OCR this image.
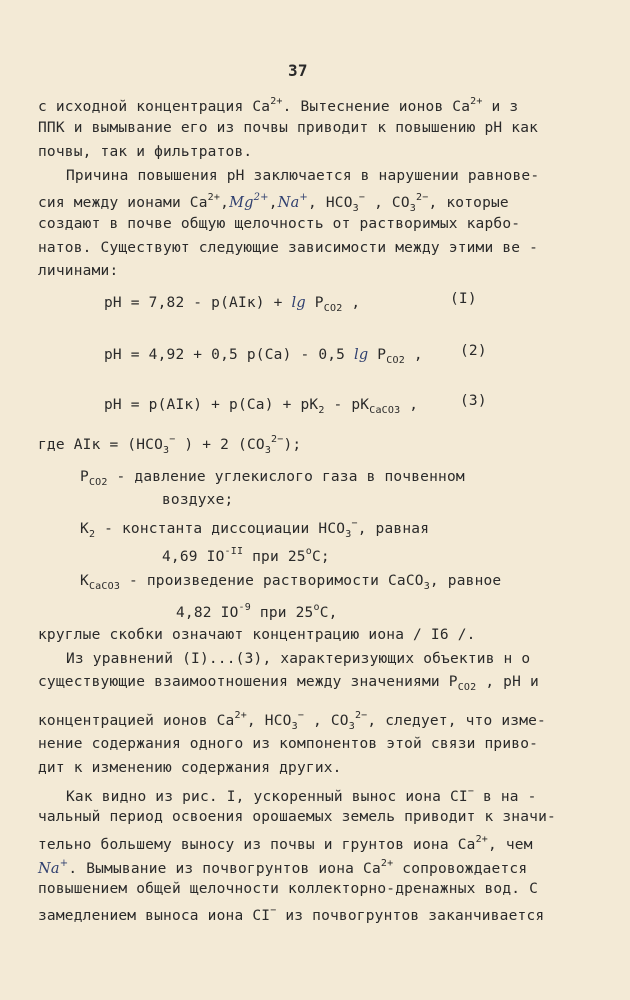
37
с исходной концентрация $Ca^{2+}$. Вытеснение ионов $Ca^{2+}$ и з
ППК и вымывание его из почвы приводит к повышению pH как
почвы, так и фильтратов.
Причина повышения pH заключается в нарушении равнове-
сия между ионами $Ca^{2+},Mg^{2+},Na^+$, $HCO_3^-$ , $CO_3^{2-}$, которые
создают в почве общую щелочность от растворимых карбо-
натов. Существуют следующие зависимости между этими ве -
личинами:
pH = $7,82 - p(AIк) + \lg P_{CO2}$ ,	(I)
pH = 4,92 + 0,5 p(Ca) - 0,5 $\lg P_{CO2}$ ,	(2)
pH = $p(AIк) + p(Ca) + pK_2 - pK_{CaCO3}$ ,	(3)
где AIк = ($HCO_3^-$ ) + 2 $(CO_3^{2-})$;
$P_{CO2}$ - давление углекислого газа в почвенном
воздухе;
$K_2$ - константа диссоциации $HCO_3^-$, равная
4,69 $IO^{-II}$ при 25$^o$C;
$K_{CaCO3}$ - произведение растворимости CaCO$_3$, равное
4,82 $IO^{-9}$ при 25$^o$C,
круглые скобки означают концентрацию иона / I6 /.
Из уравнений (I)...(3), характеризующих объектив н о
существующие взаимоотношения между значениями $P_{CO2}$ , pH и
концентрацией ионов $Ca^{2+}$, $HCO_3^-$ , $CO_3^{2-}$, следует, что изме-
нение содержания одного из компонентов этой связи приво-
дит к изменению содержания других.
Как видно из рис. I, ускоренный вынос иона CI− в на -
чальный период освоения орошаемых земель приводит к значи-
тельно большему выносу из почвы и грунтов иона $Ca^{2+}$, чем
Na+. Вымывание из почвогрунтов иона $Ca^{2+}$ сопровождается
повышением общей щелочности коллекторно-дренажных вод. С
замедлением выноса иона CI− из почвогрунтов заканчивается
